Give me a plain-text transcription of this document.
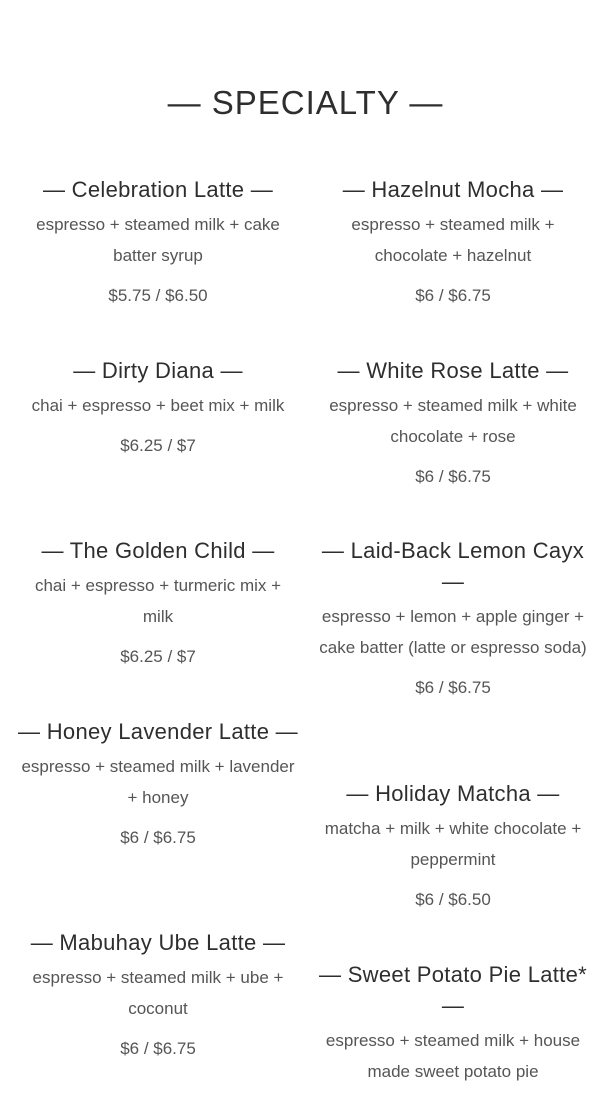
— SPECIALTY —
— Celebration Latte —
espresso + steamed milk + cake batter syrup
$5.75 / $6.50
— Dirty Diana —
chai + espresso + beet mix + milk
$6.25 / $7
— The Golden Child —
chai + espresso + turmeric mix + milk
$6.25 / $7
— Honey Lavender Latte —
espresso + steamed milk + lavender + honey
$6 / $6.75
— Mabuhay Ube Latte —
espresso + steamed milk + ube + coconut
$6 / $6.75
— Hazelnut Mocha —
espresso + steamed milk + chocolate + hazelnut
$6 / $6.75
— White Rose Latte —
espresso + steamed milk + white chocolate + rose
$6 / $6.75
— Laid-Back Lemon Cayx —
espresso + lemon + apple ginger + cake batter (latte or espresso soda)
$6 / $6.75
— Holiday Matcha —
matcha + milk + white chocolate + peppermint
$6 / $6.50
— Sweet Potato Pie Latte* —
espresso + steamed milk + house made sweet potato pie
